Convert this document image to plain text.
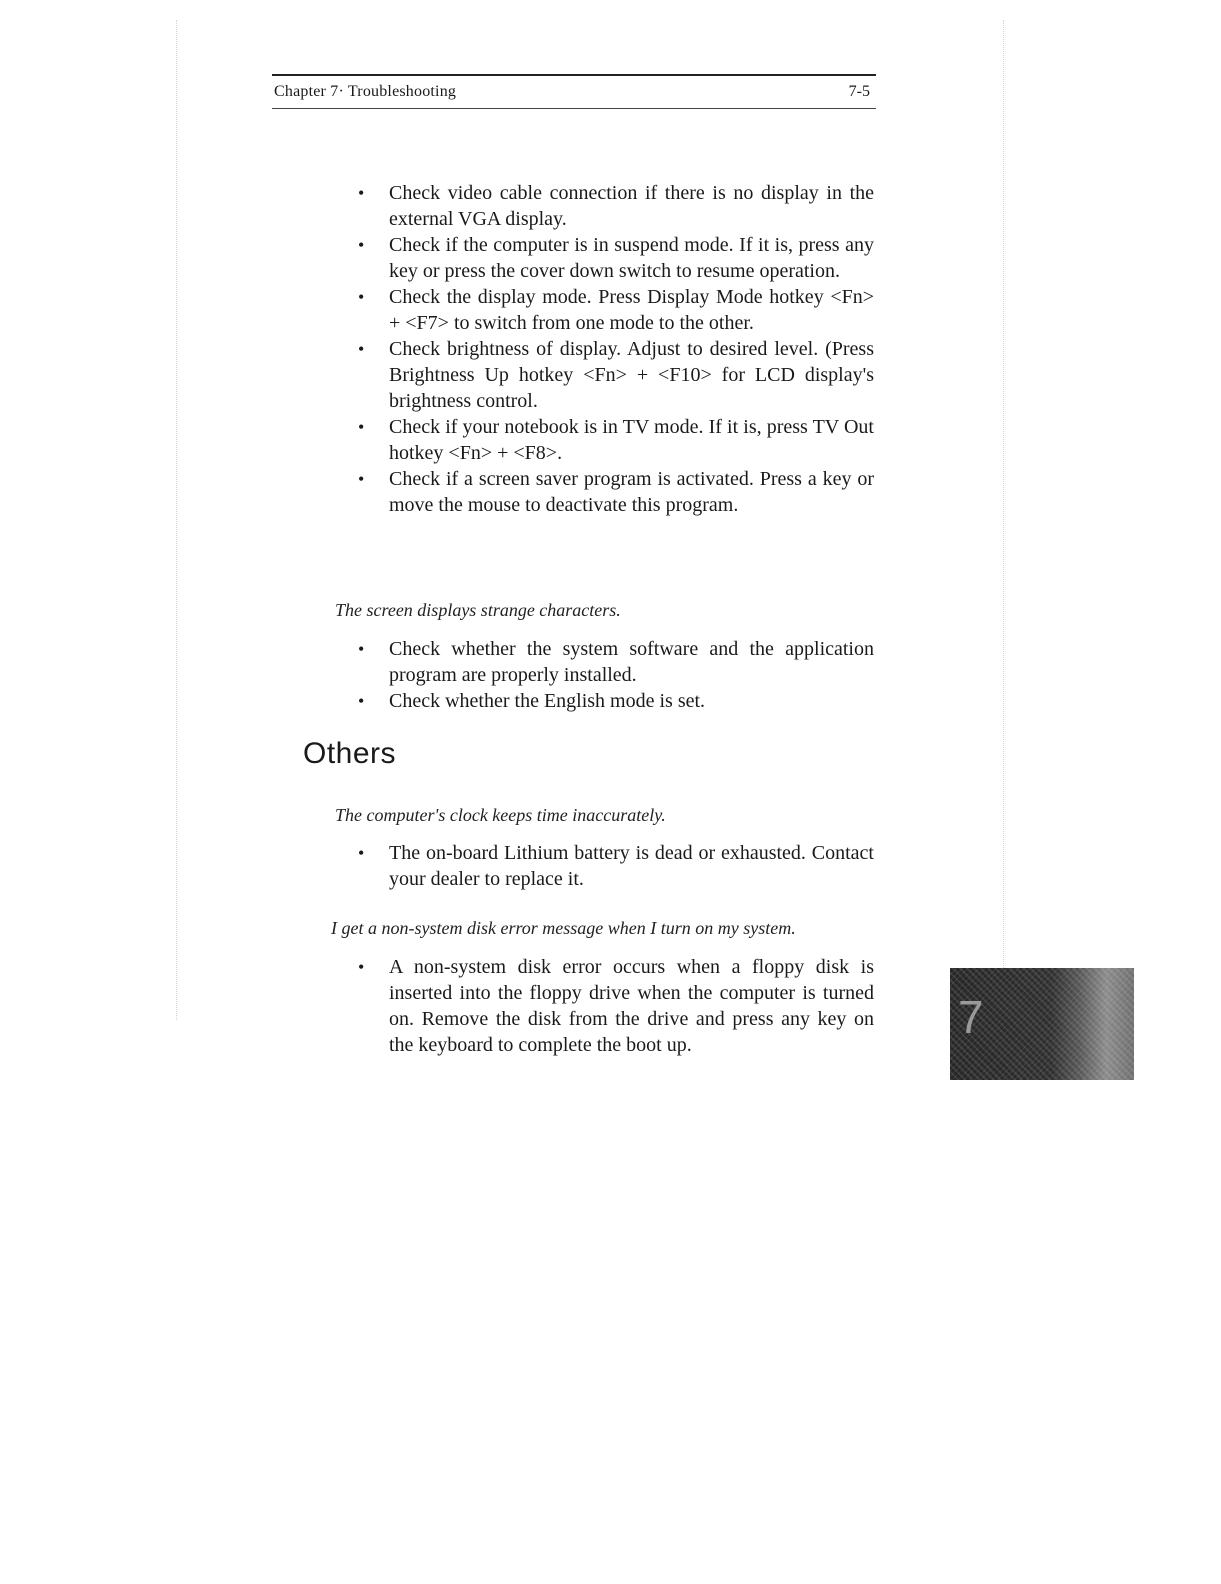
Chapter 7· Troubleshooting	7-5
• Check video cable connection if there is no display in the external VGA display.
• Check if the computer is in suspend mode. If it is, press any key or press the cover down switch to resume operation.
• Check the display mode. Press Display Mode hotkey <Fn> + <F7> to switch from one mode to the other.
• Check brightness of display. Adjust to desired level. (Press Brightness Up hotkey <Fn> + <F10> for LCD display's brightness control.
• Check if your notebook is in TV mode. If it is, press TV Out hotkey <Fn> + <F8>.
• Check if a screen saver program is activated. Press a key or move the mouse to deactivate this program.
The screen displays strange characters.
• Check whether the system software and the application program are properly installed.
• Check whether the English mode is set.
Others
The computer's clock keeps time inaccurately.
• The on-board Lithium battery is dead or exhausted. Contact your dealer to replace it.
I get a non-system disk error message when I turn on my system.
• A non-system disk error occurs when a floppy disk is inserted into the floppy drive when the computer is turned on. Remove the disk from the drive and press any key on the keyboard to complete the boot up.
7
